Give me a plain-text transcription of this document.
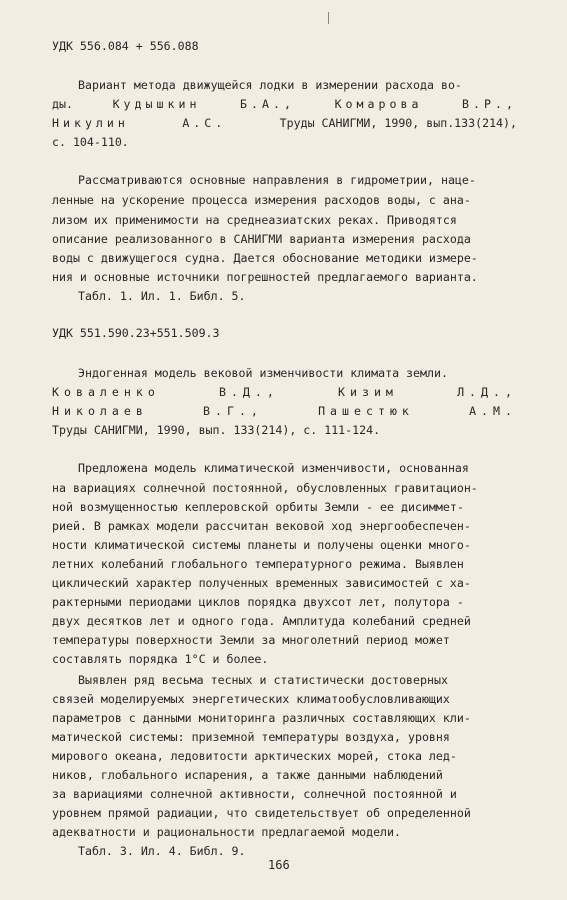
УДК 556.084 + 556.088
Вариант метода движущейся лодки в измерении расхода во-
ды.	Кудышкин	Б.А.,	Комарова	В.Р.,
Никулин	А.С.	Труды САНИГМИ, 1990, вып.133(214),
с. 104-110.
Рассматриваются основные направления в гидрометрии, наце-
ленные на ускорение процесса измерения расходов воды, с ана-
лизом их применимости на среднеазиатских реках. Приводятся
описание реализованного в САНИГМИ варианта измерения расхода
воды с движущегося судна. Дается обоснование методики измере-
ния и основные источники погрешностей предлагаемого варианта.
Табл. 1. Ил. 1. Библ. 5.
УДК 551.590.23+551.509.3
Эндогенная модель вековой изменчивости климата земли.
Коваленко	В.Д.,	Кизим	Л.Д.,
Николаев	В.Г.,	Пашестюк	А.М.
Труды САНИГМИ, 1990, вып. 133(214), с. 111-124.
Предложена модель климатической изменчивости, основанная
на вариациях солнечной постоянной, обусловленных гравитацион-
ной возмущенностью кеплеровской орбиты Земли - ее дисиммет-
рией. В рамках модели рассчитан вековой ход энергообеспечен-
ности климатической системы планеты и получены оценки много-
летних колебаний глобального температурного режима. Выявлен
циклический характер полученных временных зависимостей с ха-
рактерными периодами циклов порядка двухсот лет, полутора -
двух десятков лет и одного года. Амплитуда колебаний средней
температуры поверхности Земли за многолетний период может
составлять порядка 1°С и более.
Выявлен ряд весьма тесных и статистически достоверных
связей моделируемых энергетических климатообусловливающих
параметров с данными мониторинга различных составляющих кли-
матической системы: приземной температуры воздуха, уровня
мирового океана, ледовитости арктических морей, стока лед-
ников, глобального испарения, а также данными наблюдений
за вариациями солнечной активности, солнечной постоянной и
уровнем прямой радиации, что свидетельствует об определенной
адекватности и рациональности предлагаемой модели.
Табл. 3. Ил. 4. Библ. 9.
166
